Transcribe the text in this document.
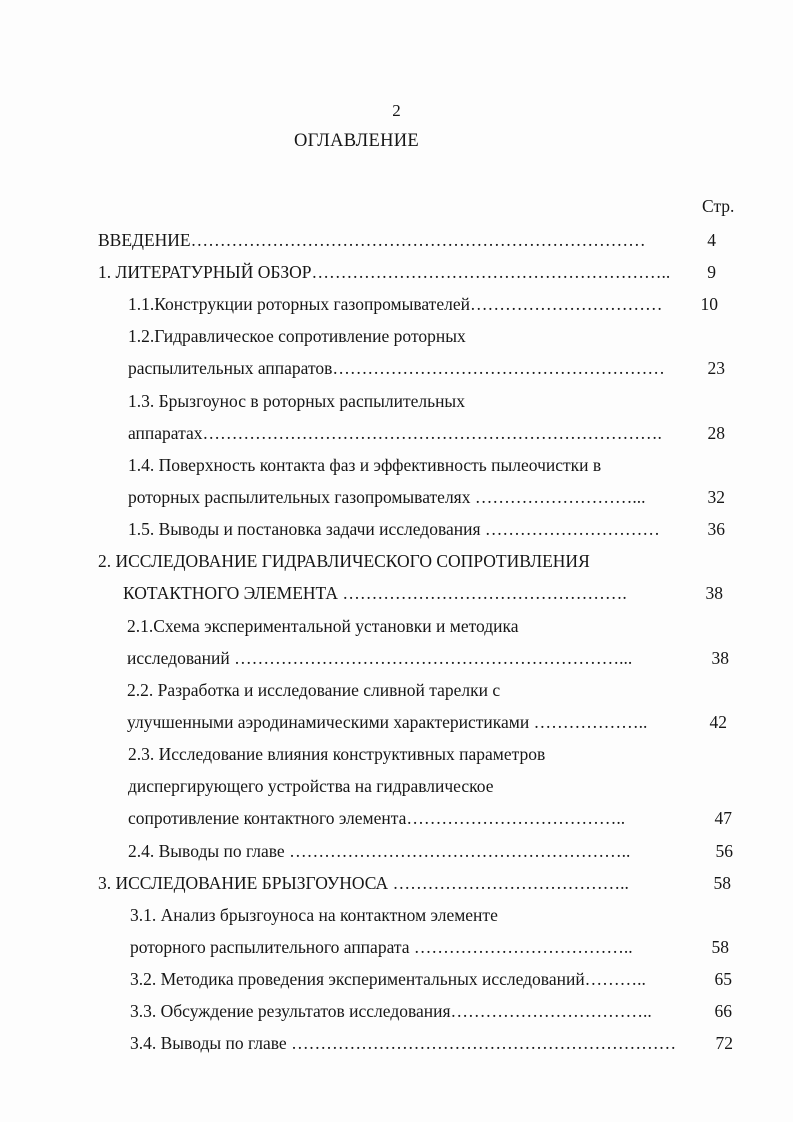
2
ОГЛАВЛЕНИЕ
Стр.
ВВЕДЕНИЕ……………………………………………………………………	4
1. ЛИТЕРАТУРНЫЙ ОБЗОР……………………………………………………..	9
1.1.Конструкции роторных газопромывателей……………………………	10
1.2.Гидравлическое сопротивление роторных
распылительных аппаратов…………………………………………………	23
1.3. Брызгоунос в роторных распылительных
аппаратах…………………………………………………………………….	28
1.4. Поверхность контакта фаз и эффективность пылеочистки в
роторных распылительных газопромывателях ………………………...	32
1.5. Выводы и постановка задачи исследования …………………………	36
2. ИССЛЕДОВАНИЕ ГИДРАВЛИЧЕСКОГО СОПРОТИВЛЕНИЯ
КОТАКТНОГО ЭЛЕМЕНТА ………………………………………….	38
2.1.Схема экспериментальной установки и методика
исследований …………………………………………………………...	38
2.2. Разработка и исследование сливной тарелки с
улучшенными аэродинамическими характеристиками ………………..	42
2.3. Исследование влияния конструктивных параметров
диспергирующего устройства на гидравлическое
сопротивление контактного элемента………………………………..	47
2.4. Выводы по главе …………………………………………………..	56
3. ИССЛЕДОВАНИЕ БРЫЗГОУНОСА …………………………………..	58
3.1. Анализ брызгоуноса на контактном элементе
роторного распылительного аппарата ………………………………..	58
3.2. Методика проведения экспериментальных исследований………..	65
3.3. Обсуждение результатов исследования……………………………..	66
3.4. Выводы по главе …………………………………………………………	72
